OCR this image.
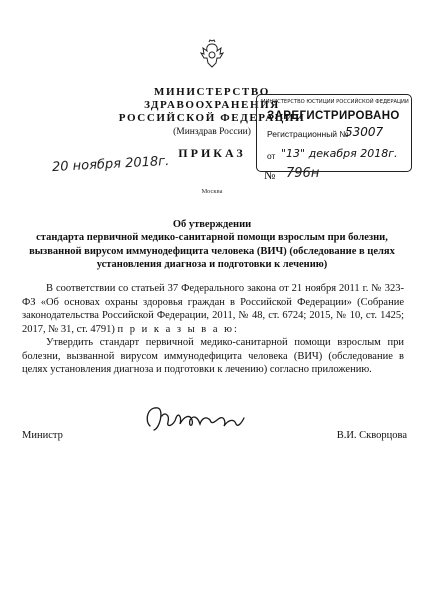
МИНИСТЕРСТВО ЗДРАВООХРАНЕНИЯ
РОССИЙСКОЙ ФЕДЕРАЦИИ
(Минздрав России)
ПРИКАЗ
20 ноября 2018г.	№ 796н
Москва
МИНИСТЕРСТВО ЮСТИЦИИ РОССИЙСКОЙ ФЕДЕРАЦИИ
ЗАРЕГИСТРИРОВАНО
Регистрационный №
53007
от "13" декабря 2018г.
Об утверждении
стандарта первичной медико-санитарной помощи взрослым при болезни,
вызванной вирусом иммунодефицита человека (ВИЧ) (обследование в целях
установления диагноза и подготовки к лечению)

В соответствии со статьей 37 Федерального закона от 21 ноября 2011 г. № 323-ФЗ «Об основах охраны здоровья граждан в Российской Федерации» (Собрание законодательства Российской Федерации, 2011, № 48, ст. 6724; 2015, № 10, ст. 1425; 2017, № 31, ст. 4791) п р и к а з ы в а ю:

Утвердить стандарт первичной медико-санитарной помощи взрослым при болезни, вызванной вирусом иммунодефицита человека (ВИЧ) (обследование в целях установления диагноза и подготовки к лечению) согласно приложению.

Министр	В.И. Скворцова
